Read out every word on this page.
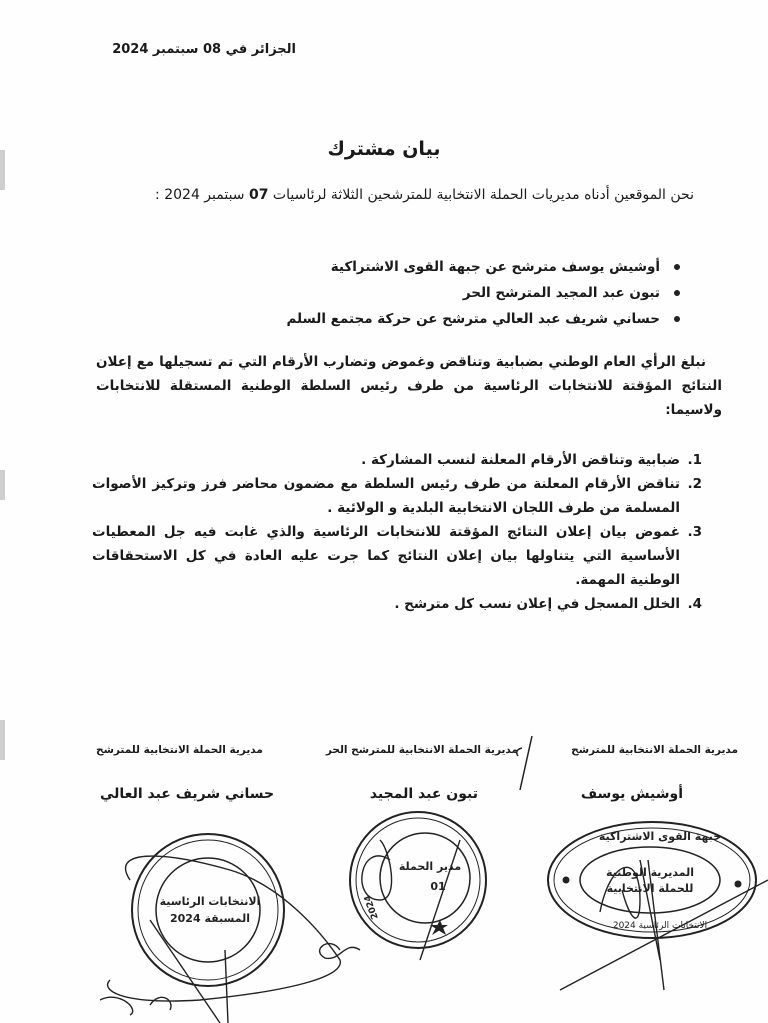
الجزائر في 08 سبتمبر 2024
بيان مشترك
نحن الموقعين أدناه مديريات الحملة الانتخابية للمترشحين الثلاثة لرئاسيات 07 سبتمبر 2024 :
أوشيش يوسف مترشح عن جبهة القوى الاشتراكية
تبون عبد المجيد المترشح الحر
حساني شريف عبد العالي مترشح عن حركة مجتمع السلم
نبلغ الرأي العام الوطني بضبابية وتناقض وغموض وتضارب الأرقام التي تم تسجيلها مع إعلان النتائج المؤقتة للانتخابات الرئاسية من طرف رئيس السلطة الوطنية المستقلة للانتخابات ولاسيما:
1.
ضبابية وتناقض الأرقام المعلنة لنسب المشاركة .
2.
تناقض الأرقام المعلنة من طرف رئيس السلطة مع مضمون محاضر فرز وتركيز الأصوات المسلمة من طرف اللجان الانتخابية البلدية و الولائية .
3.
غموض بيان إعلان النتائج المؤقتة للانتخابات الرئاسية والذي غابت فيه جل المعطيات الأساسية التي يتناولها بيان إعلان النتائج كما جرت عليه العادة في كل الاستحقاقات الوطنية المهمة.
4.
الخلل المسجل في إعلان نسب كل مترشح .
مديرية الحملة الانتخابية للمترشح
مديرية الحملة الانتخابية للمترشح الحر
مديرية الحملة الانتخابية للمترشح
أوشيش يوسف
تبون عبد المجيد
حساني شريف عبد العالي
جبهة القوى الاشتراكية
المديرية الوطنية
للحملة الانتخابية
الانتخابات الرئاسية 2024
مدير الحملة
01
2024
الانتخابات الرئاسية
المسبقة 2024
